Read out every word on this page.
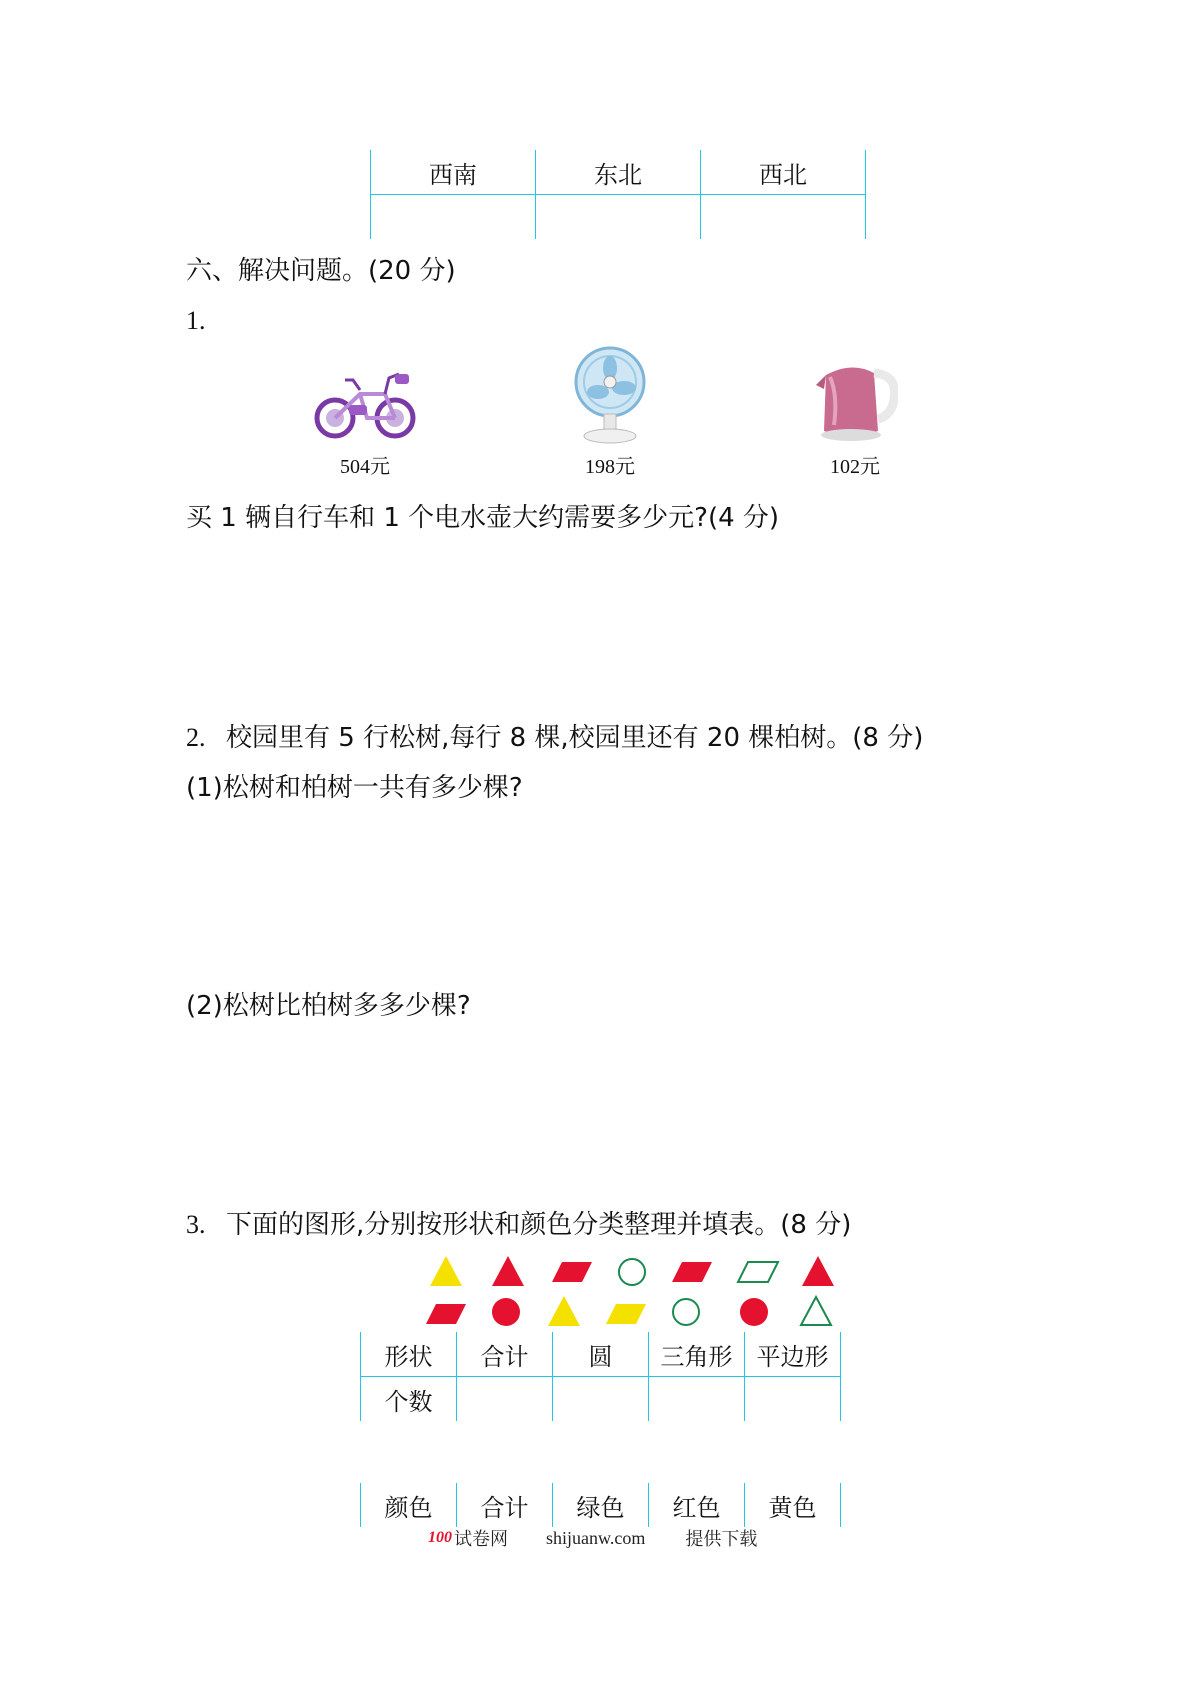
西南	东北	西北

六、解决问题。(20 分)
1.
504元	198元	102元
买 1 辆自行车和 1 个电水壶大约需要多少元?(4 分)
2. 校园里有 5 行松树,每行 8 棵,校园里还有 20 棵柏树。(8 分)
(1)松树和柏树一共有多少棵?
(2)松树比柏树多多少棵?
3. 下面的图形,分别按形状和颜色分类整理并填表。(8 分)
形状	合计	圆	三角形	平边形
个数				
颜色	合计	绿色	红色	黄色
100 试卷网 shijuanw.com 提供下载
